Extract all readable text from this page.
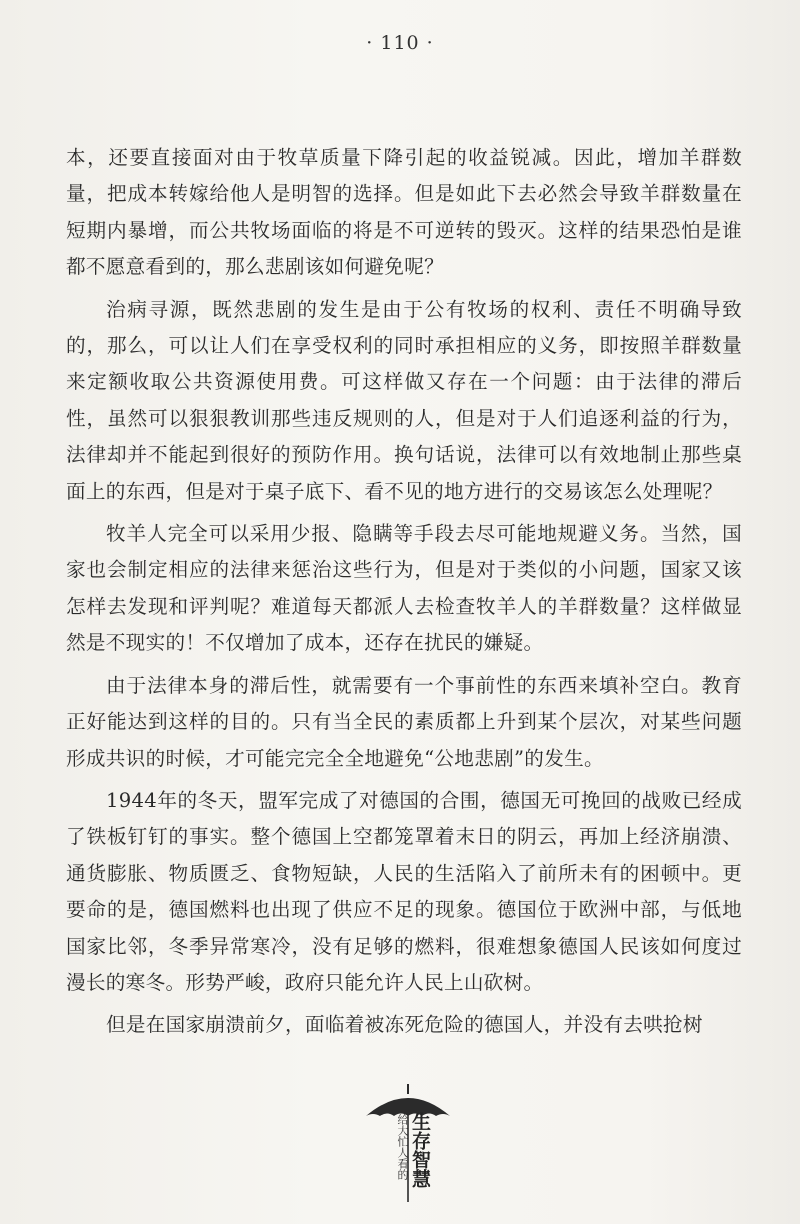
· 110 ·

本，还要直接面对由于牧草质量下降引起的收益锐减。因此，增加羊群数量，把成本转嫁给他人是明智的选择。但是如此下去必然会导致羊群数量在短期内暴增，而公共牧场面临的将是不可逆转的毁灭。这样的结果恐怕是谁都不愿意看到的，那么悲剧该如何避免呢？

治病寻源，既然悲剧的发生是由于公有牧场的权利、责任不明确导致的，那么，可以让人们在享受权利的同时承担相应的义务，即按照羊群数量来定额收取公共资源使用费。可这样做又存在一个问题：由于法律的滞后性，虽然可以狠狠教训那些违反规则的人，但是对于人们追逐利益的行为，法律却并不能起到很好的预防作用。换句话说，法律可以有效地制止那些桌面上的东西，但是对于桌子底下、看不见的地方进行的交易该怎么处理呢？

牧羊人完全可以采用少报、隐瞒等手段去尽可能地规避义务。当然，国家也会制定相应的法律来惩治这些行为，但是对于类似的小问题，国家又该怎样去发现和评判呢？难道每天都派人去检查牧羊人的羊群数量？这样做显然是不现实的！不仅增加了成本，还存在扰民的嫌疑。

由于法律本身的滞后性，就需要有一个事前性的东西来填补空白。教育正好能达到这样的目的。只有当全民的素质都上升到某个层次，对某些问题形成共识的时候，才可能完完全全地避免“公地悲剧”的发生。

1944年的冬天，盟军完成了对德国的合围，德国无可挽回的战败已经成了铁板钉钉的事实。整个德国上空都笼罩着末日的阴云，再加上经济崩溃、通货膨胀、物质匮乏、食物短缺，人民的生活陷入了前所未有的困顿中。更要命的是，德国燃料也出现了供应不足的现象。德国位于欧洲中部，与低地国家比邻，冬季异常寒冷，没有足够的燃料，很难想象德国人民该如何度过漫长的寒冬。形势严峻，政府只能允许人民上山砍树。

但是在国家崩溃前夕，面临着被冻死危险的德国人，并没有去哄抢树

生存智慧
给大忙人看的
